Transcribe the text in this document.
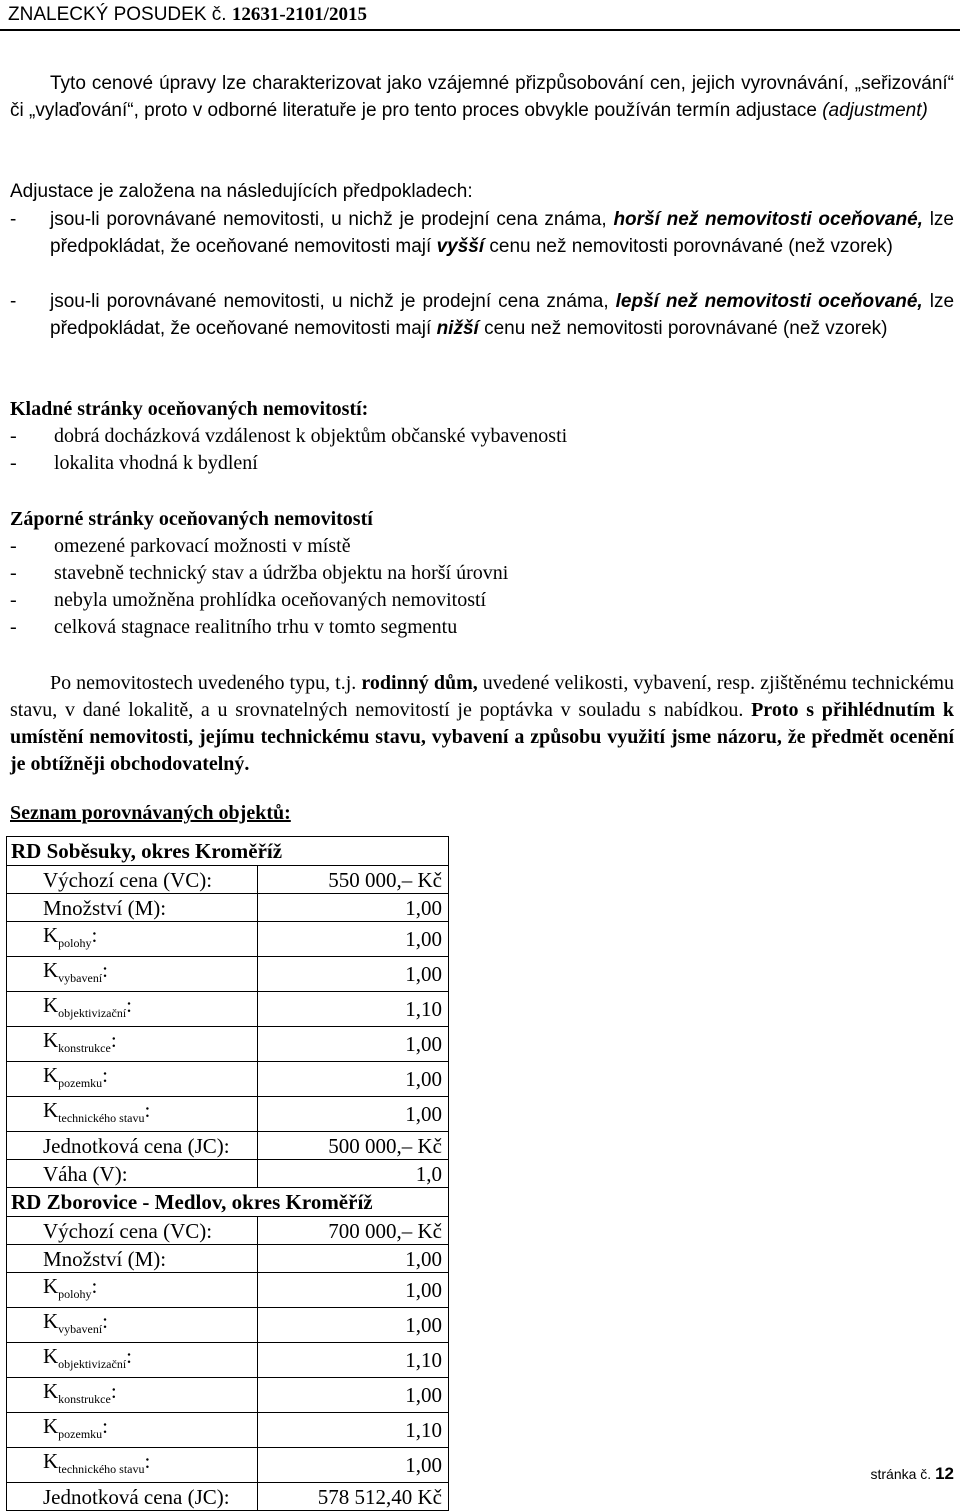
ZNALECKÝ POSUDEK č. 12631-2101/2015
Tyto cenové úpravy lze charakterizovat jako vzájemné přizpůsobování cen, jejich vyrovnávání, „seřizování“ či „vylaďování“, proto v odborné literatuře je pro tento proces obvykle používán termín adjustace (adjustment)
Adjustace je založena na následujících předpokladech:
- jsou-li porovnávané nemovitosti, u nichž je prodejní cena známa, horší než nemovitosti oceňované, lze předpokládat, že oceňované nemovitosti mají vyšší cenu než nemovitosti porovnávané (než vzorek)
- jsou-li porovnávané nemovitosti, u nichž je prodejní cena známa, lepší než nemovitosti oceňované, lze předpokládat, že oceňované nemovitosti mají nižší cenu než nemovitosti porovnávané (než vzorek)
Kladné stránky oceňovaných nemovitostí:
- dobrá docházková vzdálenost k objektům občanské vybavenosti
- lokalita vhodná k bydlení
Záporné stránky oceňovaných nemovitostí
- omezené parkovací možnosti v místě
- stavebně technický stav a údržba objektu na horší úrovni
- nebyla umožněna prohlídka oceňovaných nemovitostí
- celková stagnace realitního trhu v tomto segmentu
Po nemovitostech uvedeného typu, t.j. rodinný dům, uvedené velikosti, vybavení, resp. zjištěnému technickému stavu, v dané lokalitě, a u srovnatelných nemovitostí je poptávka v souladu s nabídkou. Proto s přihlédnutím k umístění nemovitosti, jejímu technickému stavu, vybavení a způsobu využití jsme názoru, že předmět ocenění je obtížněji obchodovatelný.
Seznam porovnávaných objektů:
RD Soběsuky, okres Kroměříž	
Výchozí cena (VC):	550 000,– Kč
Množství (M):	1,00
$K_{polohy}$:	1,00
$K_{vybavení}$:	1,00
$K_{objektivizační}$:	1,10
$K_{konstrukce}$:	1,00
$K_{pozemku}$:	1,00
$K_{technického stavu}$:	1,00
Jednotková cena (JC):	500 000,– Kč
Váha (V):	1,0
RD Zborovice - Medlov, okres Kroměříž	
Výchozí cena (VC):	700 000,– Kč
Množství (M):	1,00
$K_{polohy}$:	1,00
$K_{vybavení}$:	1,00
$K_{objektivizační}$:	1,10
$K_{konstrukce}$:	1,00
$K_{pozemku}$:	1,10
$K_{technického stavu}$:	1,00
Jednotková cena (JC):	578 512,40 Kč
stránka č. 12
